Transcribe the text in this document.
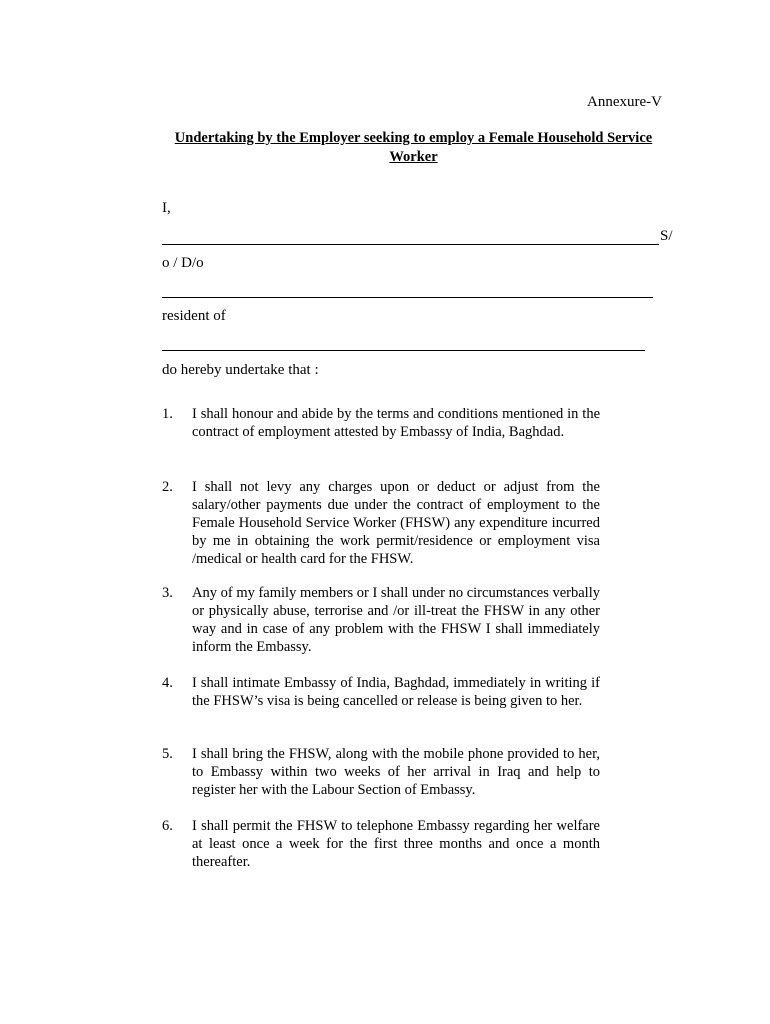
Annexure-V
Undertaking by the Employer seeking to employ a Female Household Service Worker
I,
S/
o / D/o
resident of
do hereby undertake that :
1.	I shall honour and abide by the terms and conditions mentioned in the contract of employment attested by Embassy of India, Baghdad.
2.	I shall not levy any charges upon or deduct or adjust from the salary/other payments due under the contract of employment to the Female Household Service Worker (FHSW) any expenditure incurred by me in obtaining the work permit/residence or employment visa /medical or health card for the FHSW.
3.	Any of my family members or I shall under no circumstances verbally or physically abuse, terrorise and /or ill-treat the FHSW in any other way and in case of any problem with the FHSW I shall immediately inform the Embassy.
4.	I shall intimate Embassy of India, Baghdad, immediately in writing if the FHSW’s visa is being cancelled or release is being given to her.
5.	I shall bring the FHSW, along with the mobile phone provided to her, to Embassy within two weeks of her arrival in Iraq and help to register her with the Labour Section of Embassy.
6.	I shall permit the FHSW to telephone Embassy regarding her welfare at least once a week for the first three months and once a month thereafter.
